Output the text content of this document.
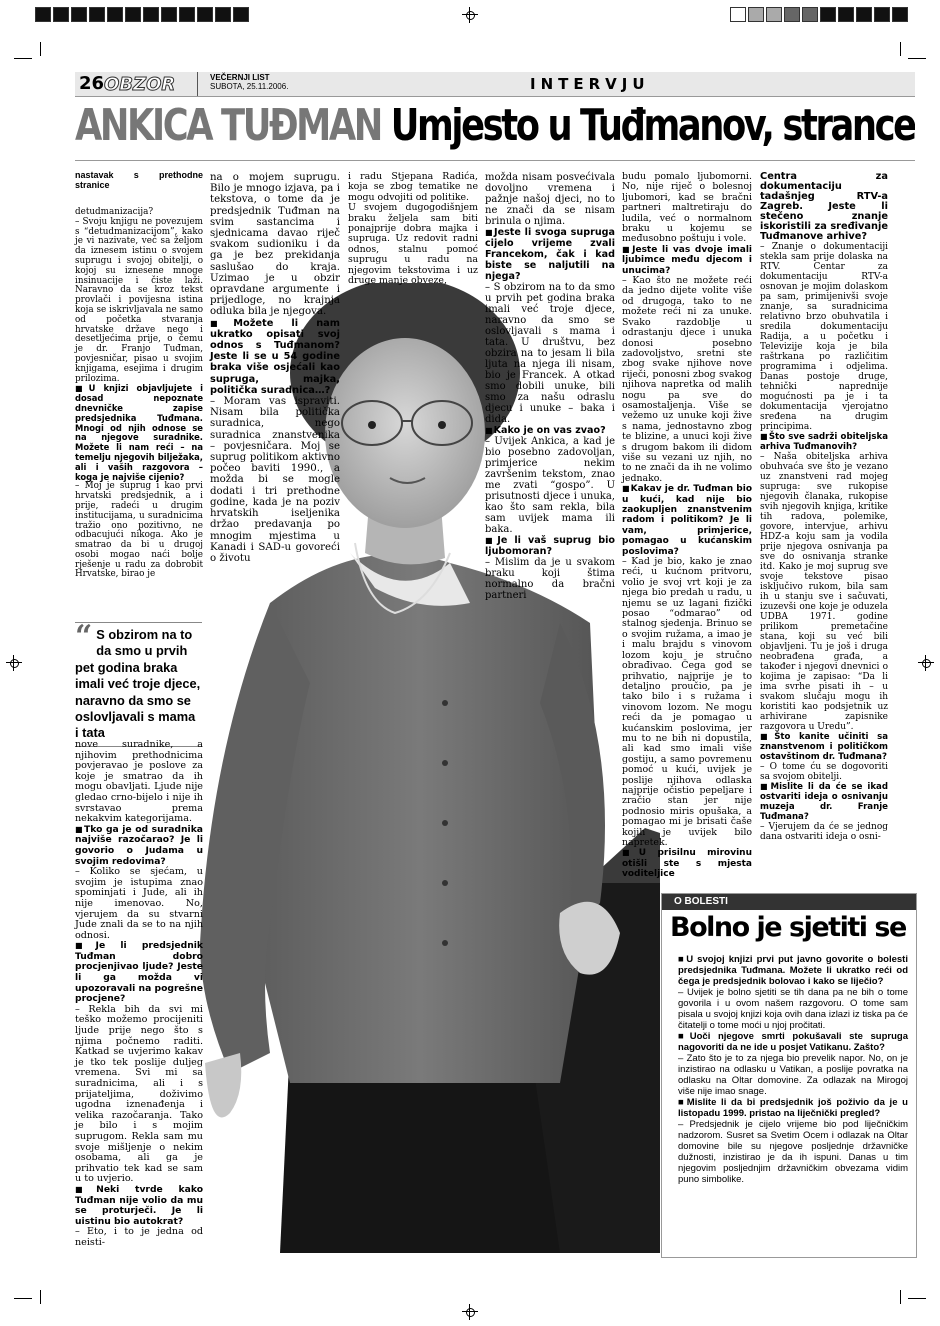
26 OBZOR	VEČERNJI LIST
SUBOTA, 25.11.2006.	INTERVJU
ANKICA TUĐMAN Umjesto u Tuđmanov, strance

nastavak s prethodne stranice

detudmanizacija?

– Svoju knjigu ne povezujem s “detudmanizacijom”, kako je vi nazivate, već sa željom da iznesem istinu o svojem suprugu i svojoj obitelji, o kojoj su iznesene mnoge insinuacije i čiste laži. Naravno da se kroz tekst provlači i povijesna istina koja se iskrivljavala ne samo od početka stvaranja hrvatske države nego i desetljećima prije, o čemu je dr. Franjo Tuđman, povjesničar, pisao u svojim knjigama, esejima i drugim prilozima.

■ U knjizi objavljujete i dosad nepoznate dnevničke zapise predsjednika Tuđmana. Mnogi od njih odnose se na njegove suradnike. Možete li nam reći – na temelju njegovih bilježaka, ali i vaših razgovora – koga je najviše cijenio?

– Moj je suprug i kao prvi hrvatski predsjednik, a i prije, radeći u drugim institucijama, u suradnicima tražio ono pozitivno, ne odbacujući nikoga. Ako je smatrao da bi u drugoj osobi mogao naći bolje rješenje u radu za dobrobit Hrvatske, birao je

“ S obzirom na to da smo u prvih pet godina braka imali već troje djece, naravno da smo se oslovljavali s mama i tata

nove suradnike, a njihovim prethodnicima povjeravao je poslove za koje je smatrao da ih mogu obavljati. Ljude nije gledao crno-bijelo i nije ih svrstavao prema nekakvim kategorijama.

■ Tko ga je od suradnika najviše razočarao? Je li govorio o Judama u svojim redovima?

– Koliko se sjećam, u svojim je istupima znao spominjati i Jude, ali ih nije imenovao. No, vjerujem da su stvarni Jude znali da se to na njih odnosi.

■ Je li predsjednik Tuđman dobro procjenjivao ljude? Jeste li ga možda vi upozoravali na pogrešne procjene?

– Rekla bih da svi mi teško možemo procijeniti ljude prije nego što s njima počnemo raditi. Katkad se uvjerimo kakav je tko tek poslije duljeg vremena. Svi mi sa suradnicima, ali i s prijateljima, doživimo ugodna iznenađenja i velika razočaranja. Tako je bilo i s mojim suprugom. Rekla sam mu svoje mišljenje o nekim osobama, ali ga je prihvatio tek kad se sam u to uvjerio.

■ Neki tvrde kako Tuđman nije volio da mu se proturječi. Je li uistinu bio autokrat?

– Eto, i to je jedna od neisti-

na o mojem suprugu. Bilo je mnogo izjava, pa i tekstova, o tome da je predsjednik Tuđman na svim sastancima i sjednicama davao riječ svakom sudioniku i da ga je bez prekidanja saslušao do kraja. Uzimao je u obzir opravdane argumente i prijedloge, no krajnja odluka bila je njegova.

■ Možete li nam ukratko opisati svoj odnos s Tuđmanom? Jeste li se u 54 godine braka više osjećali kao supruga, majka, politička suradnica…?

– Moram vas ispraviti. Nisam bila politička suradnica, nego suradnica znanstvenika – povjesničara. Moj se suprug politikom aktivno počeo baviti 1990., a možda bi se mogle dodati i tri prethodne godine, kada je na poziv hrvatskih iseljenika držao predavanja po mnogim mjestima u Kanadi i SAD-u govoreći o životu

i radu Stjepana Radića, koja se zbog tematike ne mogu odvojiti od politike.

U svojem dugogodišnjem braku željela sam biti ponajprije dobra majka i supruga. Uz redovit radni odnos, stalnu pomoć suprugu u radu na njegovim tekstovima i uz druge manje obveze,

možda nisam posvećivala dovoljno vremena i pažnje našoj djeci, no to ne znači da se nisam brinula o njima.

■ Jeste li svoga supruga cijelo vrijeme zvali Francekom, čak i kad biste se naljutili na njega?

– S obzirom na to da smo u prvih pet godina braka imali već troje djece, naravno da smo se oslovljavali s mama i tata. U društvu, bez obzira na to jesam li bila ljuta na njega ili nisam, bio je Francek. A otkad smo dobili unuke, bili smo za našu odraslu djecu i unuke – baka i dida.

■ Kako je on vas zvao?

– Uvijek Ankica, a kad je bio posebno zadovoljan, primjerice nekim završenim tekstom, znao me zvati “gospo”. U prisutnosti djece i unuka, kao što sam rekla, bila sam uvijek mama ili baka.

■ Je li vaš suprug bio ljubomoran?

– Mislim da je u svakom braku koji štima normalno da bračni partneri

budu pomalo ljubomorni. No, nije riječ o bolesnoj ljubomori, kad se bračni partneri maltretiraju do ludila, već o normalnom braku u kojemu se međusobno poštuju i vole.

■ Jeste li vas dvoje imali ljubimce među djecom i unucima?

– Kao što ne možete reći da jedno dijete volite više od drugoga, tako to ne možete reći ni za unuke. Svako razdoblje u odrastanju djece i unuka donosi posebno zadovoljstvo, sretni ste zbog svake njihove nove riječi, ponosni zbog svakog njihova napretka od malih nogu pa sve do osamostaljenja. Više se vežemo uz unuke koji žive s nama, jednostavno zbog te blizine, a unuci koji žive s drugom bakom ili didom više su vezani uz njih, no to ne znači da ih ne volimo jednako.

■ Kakav je dr. Tuđman bio u kući, kad nije bio zaokupljen znanstvenim radom i politikom? Je li vam, primjerice, pomagao u kućanskim poslovima?

– Kad je bio, kako je znao reći, u kućnom pritvoru, volio je svoj vrt koji je za njega bio predah u radu, u njemu se uz lagani fizički posao “odmarao” od stalnog sjedenja. Brinuo se o svojim ružama, a imao je i malu brajdu s vinovom lozom koju je stručno obrađivao. Čega god se prihvatio, najprije je to detaljno proučio, pa je tako bilo i s ružama i vinovom lozom. Ne mogu reći da je pomagao u kućanskim poslovima, jer mu to ne bih ni dopustila, ali kad smo imali više gostiju, a samo povremenu pomoć u kući, uvijek je poslije njihova odlaska najprije očistio pepeljare i zračio stan jer nije podnosio miris opušaka, a pomagao mi je brisati čaše kojih je uvijek bilo napretek.

■ U prisilnu mirovinu otišli ste s mjesta voditeljice

Centra za dokumentaciju tadašnjeg RTV-a Zagreb. Jeste li stečeno znanje iskoristili za sređivanje Tuđmanove arhive?

– Znanje o dokumentaciji stekla sam prije dolaska na RTV. Centar za dokumentaciju RTV-a osnovan je mojim dolaskom pa sam, primijenivši svoje znanje, sa suradnicima relativno brzo obuhvatila i sredila dokumentaciju Radija, a u početku i Televizije koja je bila raštrkana po različitim programima i odjelima. Danas postoje druge, tehnički naprednije mogućnosti pa je i ta dokumentacija vjerojatno sređena na drugim principima.

■ Što sve sadrži obiteljska arhiva Tuđmanovih?

– Naša obiteljska arhiva obuhvaća sve što je vezano uz znanstveni rad mojeg supruga: sve rukopise njegovih članaka, rukopise svih njegovih knjiga, kritike tih radova, polemike, govore, intervjue, arhivu HDZ-a koju sam ja vodila prije njegova osnivanja pa sve do osnivanja stranke itd. Kako je moj suprug sve svoje tekstove pisao isključivo rukom, bila sam ih u stanju sve i sačuvati, izuzevši one koje je oduzela UDBA 1971. godine prilikom premetačine stana, koji su već bili objavljeni. Tu je još i druga neobrađena građa, a također i njegovi dnevnici o kojima je zapisao: “Da li ima svrhe pisati ih – u svakom slučaju mogu ih koristiti kao podsjetnik uz arhivirane zapisnike razgovora u Uredu”.

■ Što kanite učiniti sa znanstvenom i političkom ostavštinom dr. Tuđmana?

– O tome ću se dogovoriti sa svojom obitelji.

■ Mislite li da će se ikad ostvariti ideja o osnivanju muzeja dr. Franje Tuđmana?

– Vjerujem da će se jednog dana ostvariti ideja o osni-

O BOLESTI
Bolno je sjetiti se

■ U svojoj knjizi prvi put javno govorite o bolesti predsjednika Tuđmana. Možete li ukratko reći od čega je predsjednik bolovao i kako se liječio?

– Uvijek je bolno sjetiti se tih dana pa ne bih o tome govorila i u ovom našem razgovoru. O tome sam pisala u svojoj knjizi koja ovih dana izlazi iz tiska pa će čitatelji o tome moći u njoj pročitati.

■ Uoči njegove smrti pokušavali ste supruga nagovoriti da ne ide u posjet Vatikanu. Zašto?

– Zato što je to za njega bio prevelik napor. No, on je inzistirao na odlasku u Vatikan, a poslije povratka na odlasku na Oltar domovine. Za odlazak na Mirogoj više nije imao snage.

■ Mislite li da bi predsjednik još poživio da je u listopadu 1999. pristao na liječnički pregled?

– Predsjednik je cijelo vrijeme bio pod liječničkim nadzorom. Susret sa Svetim Ocem i odlazak na Oltar domovine bile su njegove posljednje državničke dužnosti, inzistirao je da ih ispuni. Danas u tim njegovim posljednjim državničkim obvezama vidim puno simbolike.
